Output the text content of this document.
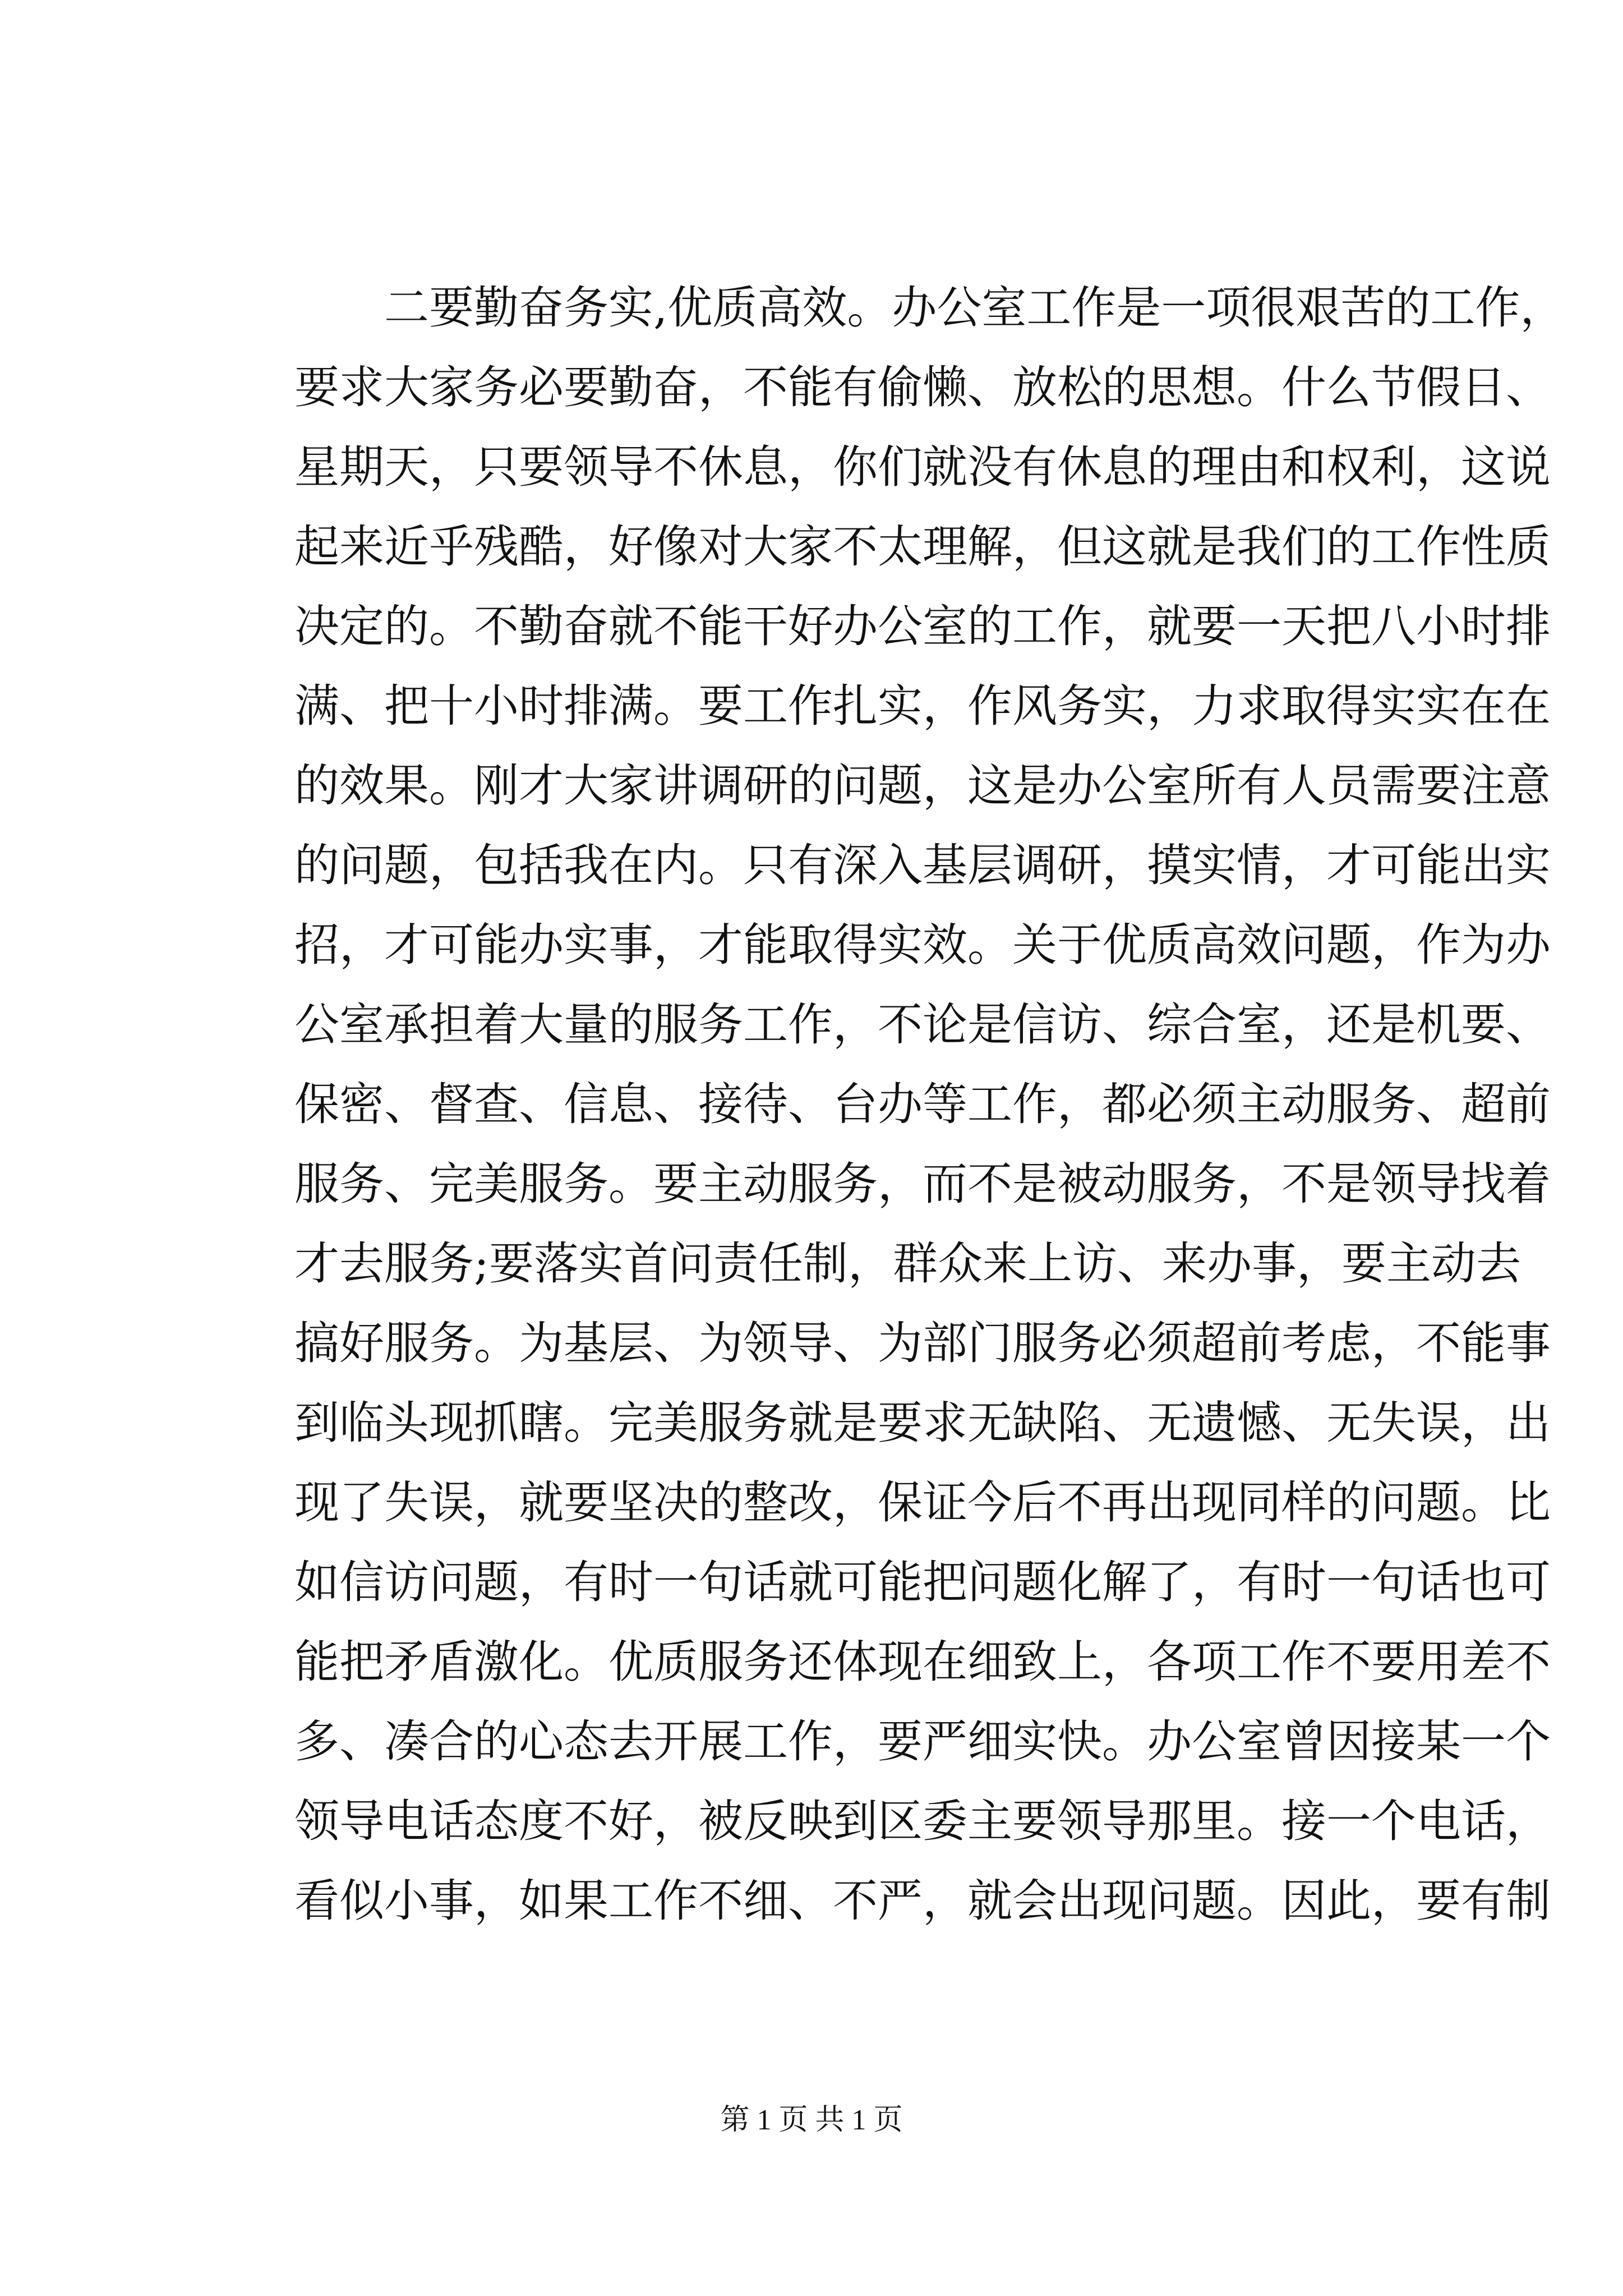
　　二要勤奋务实,优质高效。办公室工作是一项很艰苦的工作，
要求大家务必要勤奋，不能有偷懒、放松的思想。什么节假日、
星期天，只要领导不休息，你们就没有休息的理由和权利，这说
起来近乎残酷，好像对大家不太理解，但这就是我们的工作性质
决定的。不勤奋就不能干好办公室的工作，就要一天把八小时排
满、把十小时排满。要工作扎实，作风务实，力求取得实实在在
的效果。刚才大家讲调研的问题，这是办公室所有人员需要注意
的问题，包括我在内。只有深入基层调研，摸实情，才可能出实
招，才可能办实事，才能取得实效。关于优质高效问题，作为办
公室承担着大量的服务工作，不论是信访、综合室，还是机要、
保密、督查、信息、接待、台办等工作，都必须主动服务、超前
服务、完美服务。要主动服务，而不是被动服务，不是领导找着
才去服务;要落实首问责任制，群众来上访、来办事，要主动去
搞好服务。为基层、为领导、为部门服务必须超前考虑，不能事
到临头现抓瞎。完美服务就是要求无缺陷、无遗憾、无失误，出
现了失误，就要坚决的整改，保证今后不再出现同样的问题。比
如信访问题，有时一句话就可能把问题化解了，有时一句话也可
能把矛盾激化。优质服务还体现在细致上，各项工作不要用差不
多、凑合的心态去开展工作，要严细实快。办公室曾因接某一个
领导电话态度不好，被反映到区委主要领导那里。接一个电话，
看似小事，如果工作不细、不严，就会出现问题。因此，要有制
第 1 页 共 1 页
